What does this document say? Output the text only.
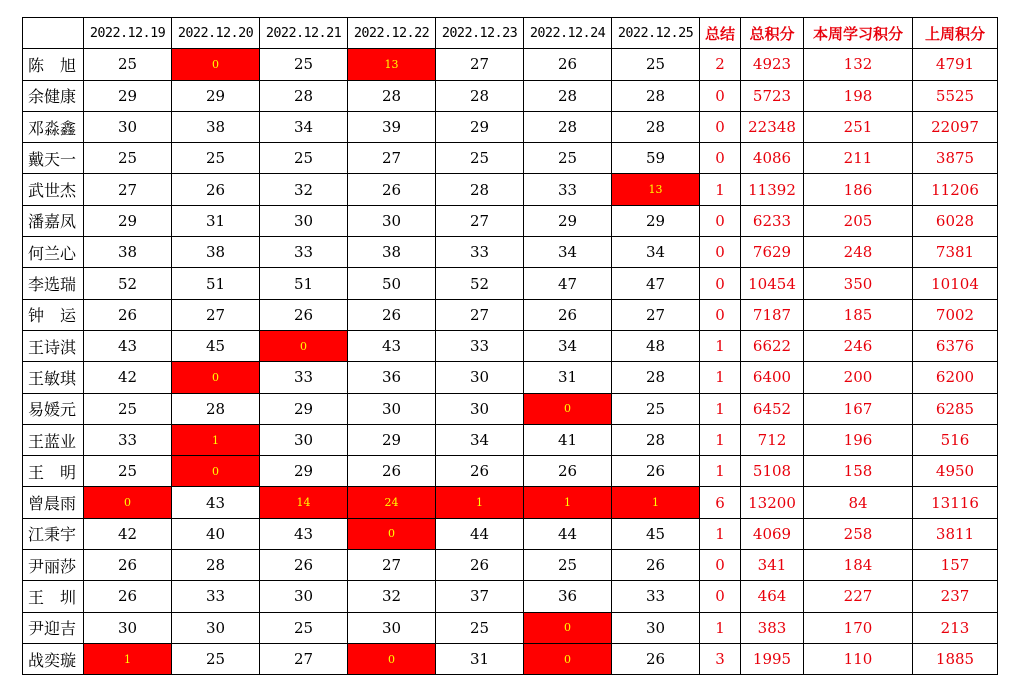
	2022.12.19	2022.12.20	2022.12.21	2022.12.22	2022.12.23	2022.12.24	2022.12.25	总结	总积分	本周学习积分	上周积分
陈　旭	25	0	25	13	27	26	25	2	4923	132	4791
余健康	29	29	28	28	28	28	28	0	5723	198	5525
邓淼鑫	30	38	34	39	29	28	28	0	22348	251	22097
戴天一	25	25	25	27	25	25	59	0	4086	211	3875
武世杰	27	26	32	26	28	33	13	1	11392	186	11206
潘嘉凤	29	31	30	30	27	29	29	0	6233	205	6028
何兰心	38	38	33	38	33	34	34	0	7629	248	7381
李选瑞	52	51	51	50	52	47	47	0	10454	350	10104
钟　运	26	27	26	26	27	26	27	0	7187	185	7002
王诗淇	43	45	0	43	33	34	48	1	6622	246	6376
王敏琪	42	0	33	36	30	31	28	1	6400	200	6200
易媛元	25	28	29	30	30	0	25	1	6452	167	6285
王蓝业	33	1	30	29	34	41	28	1	712	196	516
王　明	25	0	29	26	26	26	26	1	5108	158	4950
曾晨雨	0	43	14	24	1	1	1	6	13200	84	13116
江秉宇	42	40	43	0	44	44	45	1	4069	258	3811
尹丽莎	26	28	26	27	26	25	26	0	341	184	157
王　圳	26	33	30	32	37	36	33	0	464	227	237
尹迎吉	30	30	25	30	25	0	30	1	383	170	213
战奕璇	1	25	27	0	31	0	26	3	1995	110	1885
